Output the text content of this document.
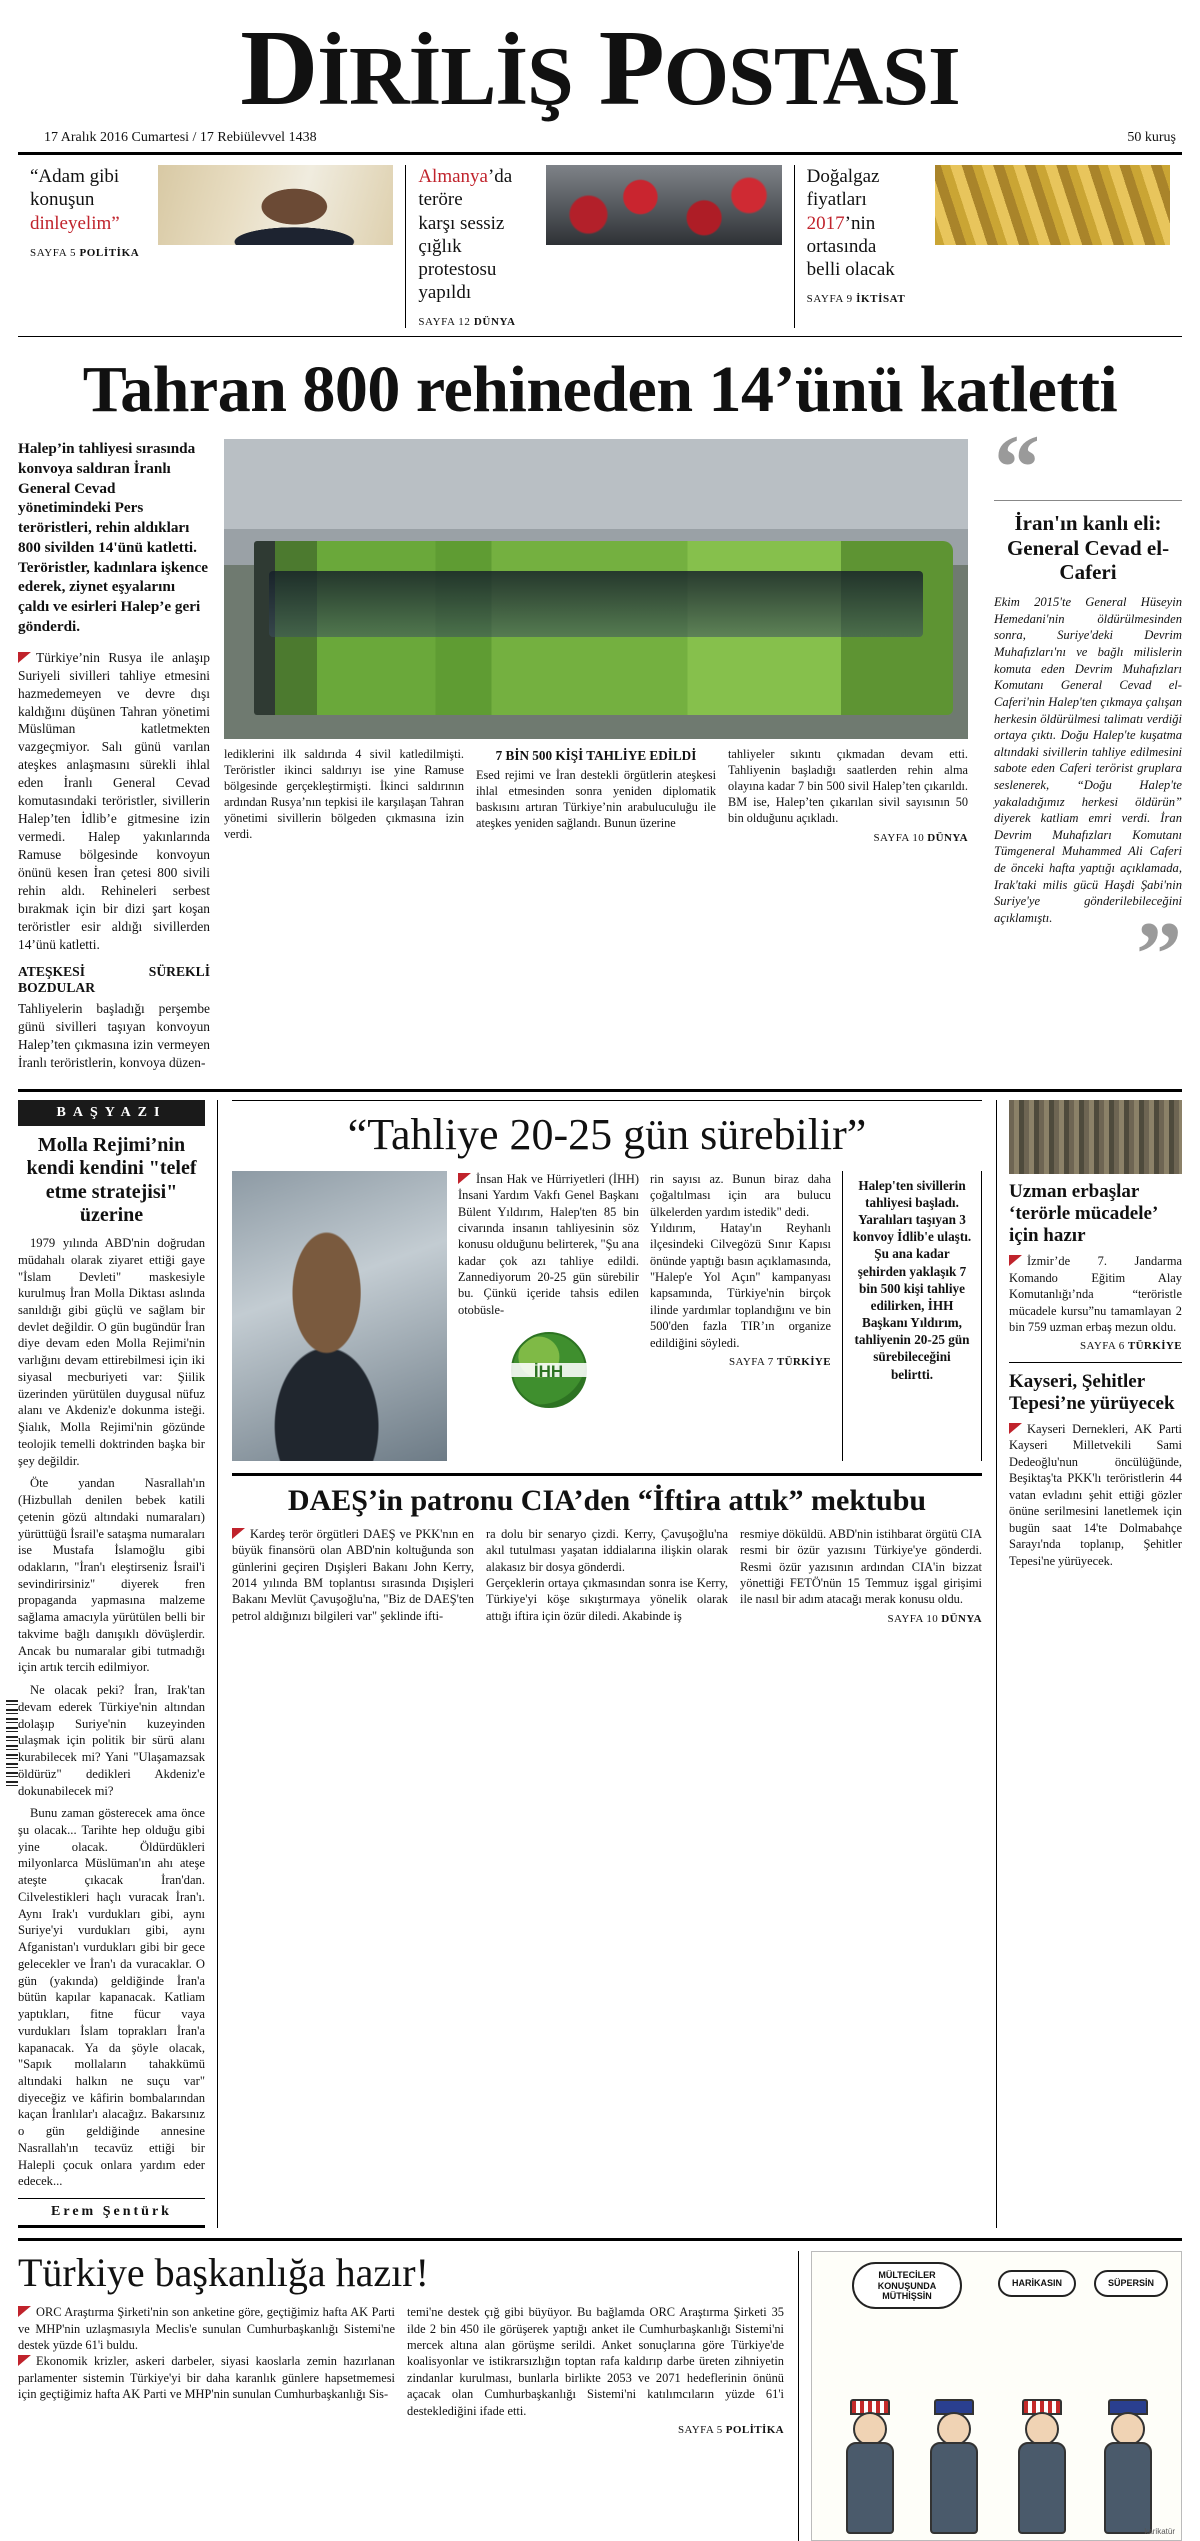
DİRİLİŞ POSTASI
17 Aralık 2016 Cumartesi / 17 Rebiülevvel 1438	50 kuruş
“Adam gibi
konuşun
dinleyelim”
SAYFA 5 POLİTİKA
Almanya’da teröre
karşı sessiz çığlık
protestosu yapıldı
SAYFA 12 DÜNYA
Doğalgaz fiyatları
2017’nin ortasında
belli olacak
SAYFA 9 İKTİSAT
Tahran 800 rehineden 14’ünü katletti
Halep’in tahliyesi sırasında konvoya saldıran İranlı General Cevad yönetimindeki Pers teröristleri, rehin aldıkları 800 sivilden 14'ünü katletti. Teröristler, kadınlara işkence ederek, ziynet eşyalarını çaldı ve esirleri Halep’e geri gönderdi.

Türkiye’nin Rusya ile anlaşıp Suriyeli sivilleri tahliye etmesini hazmedemeyen ve devre dışı kaldığını düşünen Tahran yönetimi Müslüman katletmekten vazgeçmiyor. Salı günü varılan ateşkes anlaşmasını sürekli ihlal eden İranlı General Cevad komutasındaki teröristler, sivillerin Halep’ten İdlib’e gitmesine izin vermedi. Halep yakınlarında Ramuse bölgesinde konvoyun önünü kesen İran çetesi 800 sivili rehin aldı. Rehineleri serbest bırakmak için bir dizi şart koşan teröristler esir aldığı sivillerden 14’ünü katletti.

ATEŞKESİ SÜREKLİ BOZDULAR

Tahliyelerin başladığı perşembe günü sivilleri taşıyan konvoyun Halep’ten çıkmasına izin vermeyen İranlı teröristlerin, konvoya düzen-

lediklerini ilk saldırıda 4 sivil katledilmişti. Teröristler ikinci saldırıyı ise yine Ramuse bölgesinde gerçekleştirmişti. İkinci saldırının ardından Rusya’nın tepkisi ile karşılaşan Tahran yönetimi sivillerin bölgeden çıkmasına izin verdi.
7 BİN 500 KİŞİ TAHLİYE EDİLDİ
Esed rejimi ve İran destekli örgütlerin ateşkesi ihlal etmesinden sonra yeniden diplomatik baskısını artıran Türkiye’nin arabuluculuğu ile ateşkes yeniden sağlandı. Bunun üzerine
tahliyeler sıkıntı çıkmadan devam etti. Tahliyenin başladığı saatlerden rehin alma olayına kadar 7 bin 500 sivil Halep’ten çıkarıldı. BM ise, Halep’ten çıkarılan sivil sayısının 50 bin olduğunu açıkladı.
SAYFA 10 DÜNYA
“
İran'ın kanlı eli: General Cevad el-Caferi
Ekim 2015'te General Hüseyin Hemedani'nin öldürülmesinden sonra, Suriye'deki Devrim Muhafızları'nı ve bağlı milislerin komuta eden Devrim Muhafızları Komutanı General Cevad el-Caferi'nin Halep'ten çıkmaya çalışan herkesin öldürülmesi talimatı verdiği ortaya çıktı. Doğu Halep'te kuşatma altındaki sivillerin tahliye edilmesini sabote eden Caferi terörist gruplara seslenerek, “Doğu Halep'te yakaladığımız herkesi öldürün” diyerek katliam emri verdi. İran Devrim Muhafızları Komutanı Tümgeneral Muhammed Ali Caferi de önceki hafta yaptığı açıklamada, Irak'taki milis gücü Haşdi Şabi'nin Suriye'ye gönderilebileceğini açıklamıştı. ”
BAŞYAZI
Molla Rejimi’nin kendi kendini "telef etme stratejisi" üzerine

1979 yılında ABD'nin doğrudan müdahalı olarak ziyaret ettiği gaye "İslam Devleti" maskesiyle kurulmuş İran Molla Diktası aslında sanıldığı gibi güçlü ve sağlam bir devlet değildir. O gün bugündür İran diye devam eden Molla Rejimi'nin varlığını devam ettirebilmesi için iki siyasal mecburiyeti var: Şiilik üzerinden yürütülen duygusal nüfuz alanı ve Akdeniz'e dokunma isteği. Şialık, Molla Rejimi'nin gözünde teolojik temelli doktrinden başka bir şey değildir.

Öte yandan Nasrallah'ın (Hizbullah denilen bebek katili çetenin gözü altındaki numaraları) yürüttüğü İsrail'e sataşma numaraları ise Mustafa İslamoğlu gibi odakların, "İran'ı eleştirseniz İsrail'i sevindirirsiniz" diyerek fren propaganda yapmasına malzeme sağlama amacıyla yürütülen belli bir takvime bağlı danışıklı dövüşlerdir. Ancak bu numaralar gibi tutmadığı için artık tercih edilmiyor.

Ne olacak peki? İran, Irak'tan devam ederek Türkiye'nin altından dolaşıp Suriye'nin kuzeyinden ulaşmak için politik bir sürü alanı kurabilecek mi? Yani "Ulaşamazsak öldürüz" dedikleri Akdeniz'e dokunabilecek mi?

Bunu zaman gösterecek ama önce şu olacak... Tarihte hep olduğu gibi yine olacak. Öldürdükleri milyonlarca Müslüman'ın ahı ateşe ateşte çıkacak İran'dan. Cilvelestikleri haçlı vuracak İran'ı. Aynı Irak'ı vurdukları gibi, aynı Suriye'yi vurdukları gibi, aynı Afganistan'ı vurdukları gibi bir gece gelecekler ve İran'ı da vuracaklar. O gün (yakında) geldiğinde İran'a bütün kapılar kapanacak. Katliam yaptıkları, fitne fücur vaya vurdukları İslam toprakları İran'a kapanacak. Ya da şöyle olacak, "Sapık mollaların tahakkümü altındaki halkın ne suçu var" diyeceğiz ve kâfirin bombalarından kaçan İranlılar'ı alacağız. Bakarsınız o gün geldiğinde annesine Nasrallah'ın tecavüz ettiği bir Halepli çocuk onlara yardım eder edecek...

Erem Şentürk
“Tahliye 20-25 gün sürebilir”

İnsan Hak ve Hürriyetleri (İHH) İnsani Yardım Vakfı Genel Başkanı Bülent Yıldırım, Halep'ten 85 bin civarında insanın tahliyesinin söz konusu olduğunu belirterek, "Şu ana kadar çok azı tahliye edildi. Zannediyorum 20-25 gün sürebilir bu. Çünkü içeride tahsis edilen otobüsle-

İHH

rin sayısı az. Bunun biraz daha çoğaltılması için ara bulucu ülkelerden yardım istedik" dedi.

Yıldırım, Hatay'ın Reyhanlı ilçesindeki Cilvegözü Sınır Kapısı önünde yaptığı basın açıklamasında, "Halep'e Yol Açın" kampanyası kapsamında, Türkiye'nin birçok ilinde yardımlar toplandığını ve bin 500'den fazla TIR’ın organize edildiğini söyledi.

SAYFA 7 TÜRKİYE
Halep'ten sivillerin tahliyesi başladı. Yaralıları taşıyan 3 konvoy İdlib'e ulaştı. Şu ana kadar şehirden yaklaşık 7 bin 500 kişi tahliye edilirken, İHH Başkanı Yıldırım, tahliyenin 20-25 gün sürebileceğini belirtti.
DAEŞ’in patronu CIA’den “İftira attık” mektubu

Kardeş terör örgütleri DAEŞ ve PKK'nın en büyük finansörü olan ABD'nin koltuğunda son günlerini geçiren Dışişleri Bakanı John Kerry, 2014 yılında BM toplantısı sırasında Dışişleri Bakanı Mevlüt Çavuşoğlu'na, "Biz de DAEŞ'ten petrol aldığınızı bilgileri var" şeklinde ifti-

ra dolu bir senaryo çizdi. Kerry, Çavuşoğlu'na akıl tutulması yaşatan iddialarına ilişkin olarak alakasız bir dosya gönderdi.

Gerçeklerin ortaya çıkmasından sonra ise Kerry, Türkiye'yi köşe sıkıştırmaya yönelik olarak attığı iftira için özür diledi. Akabinde iş

resmiye döküldü. ABD'nin istihbarat örgütü CIA resmi bir özür yazısını Türkiye'ye gönderdi. Resmi özür yazısının ardından CIA'in bizzat yönettiği FETÖ'nün 15 Temmuz işgal girişimi ile nasıl bir adım atacağı merak konusu oldu.

SAYFA 10 DÜNYA
Uzman erbaşlar ‘terörle mücadele’ için hazır

İzmir’de 7. Jandarma Komando Eğitim Alay Komutanlığı’nda “teröristle mücadele kursu”nu tamamlayan 2 bin 759 uzman erbaş mezun oldu.

SAYFA 6 TÜRKİYE
Kayseri, Şehitler Tepesi’ne yürüyecek

Kayseri Dernekleri, AK Parti Kayseri Milletvekili Sami Dedeoğlu'nun öncülüğünde, Beşiktaş'ta PKK'lı teröristlerin 44 vatan evladını şehit ettiği gözler önüne serilmesini lanetlemek için bugün saat 14'te Dolmabahçe Sarayı'nda toplanıp, Şehitler Tepesi'ne yürüyecek.

Türkiye başkanlığa hazır!

ORC Araştırma Şirketi'nin son anketine göre, geçtiğimiz hafta AK Parti ve MHP'nin uzlaşmasıyla Meclis'e sunulan Cumhurbaşkanlığı Sistemi'ne destek yüzde 61'i buldu.

Ekonomik krizler, askeri darbeler, siyasi kaoslarla zemin hazırlanan parlamenter sistemin Türkiye'yi bir daha karanlık günlere hapsetmemesi için geçtiğimiz hafta AK Parti ve MHP'nin sunulan Cumhurbaşkanlığı Sis-

temi'ne destek çığ gibi büyüyor. Bu bağlamda ORC Araştırma Şirketi 35 ilde 2 bin 450 ile görüşerek yaptığı anket ile Cumhurbaşkanlığı Sistemi'ni mercek altına alan görüşme serildi. Anket sonuçlarına göre Türkiye'de koalisyonlar ve istikrarsızlığın toptan rafa kaldırıp darbe üreten zihniyetin zindanlar kurulması, bunlarla birlikte 2053 ve 2071 hedeflerinin önünü açacak olan Cumhurbaşkanlığı Sistemi'ni katılımcıların yüzde 61'i desteklediğini ifade etti.

SAYFA 5 POLİTİKA
MÜLTECİLER KONUŞUNDA MÜTHİŞSİN
HARİKASIN	SÜPERSİN
karikatür
